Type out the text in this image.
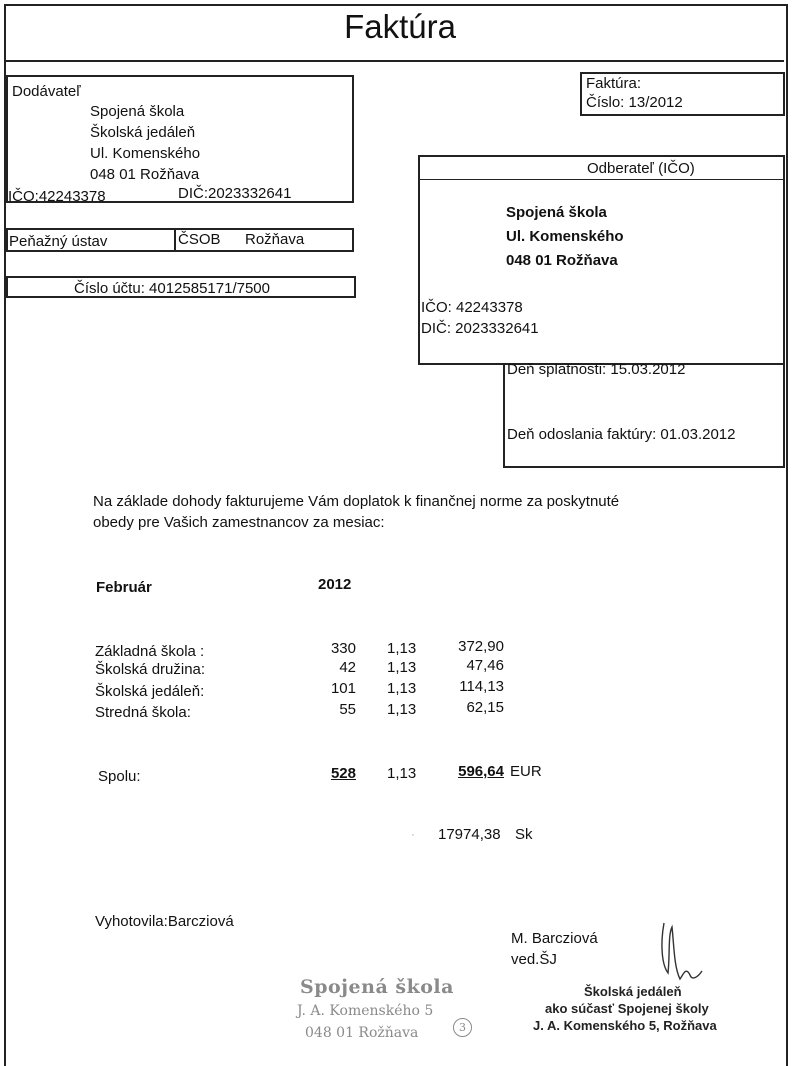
Faktúra
Faktúra:
Číslo: 13/2012
Dodávateľ
Spojená škola
Školská jedáleň
Ul. Komenského
048 01 Rožňava
IČO:42243378	DIČ:2023332641
Peňažný ústav	ČSOB Rožňava
Číslo účtu: 4012585171/7500
Odberateľ (IČO)
Spojená škola
Ul. Komenského
048 01 Rožňava
IČO: 42243378
DIČ: 2023332641
Deň splatnosti: 15.03.2012
Deň odoslania faktúry: 01.03.2012
Na základe dohody fakturujeme Vám doplatok k finančnej norme za poskytnuté
obedy pre Vašich zamestnancov za mesiac:
Február	2012
Základná škola :	330 1,13	372,90
Školská družina:	42 1,13	47,46
Školská jedáleň:	101 1,13	114,13
Stredná škola:	55 1,13	62,15
Spolu:	528 1,13	596,64 EUR
· 17974,38 Sk
Vyhotovila:Barcziová
M. Barcziová
ved.ŠJ
Spojená škola
J. A. Komenského 5
048 01 Rožňava	3
Školská jedáleň
ako súčasť Spojenej školy
J. A. Komenského 5, Rožňava
